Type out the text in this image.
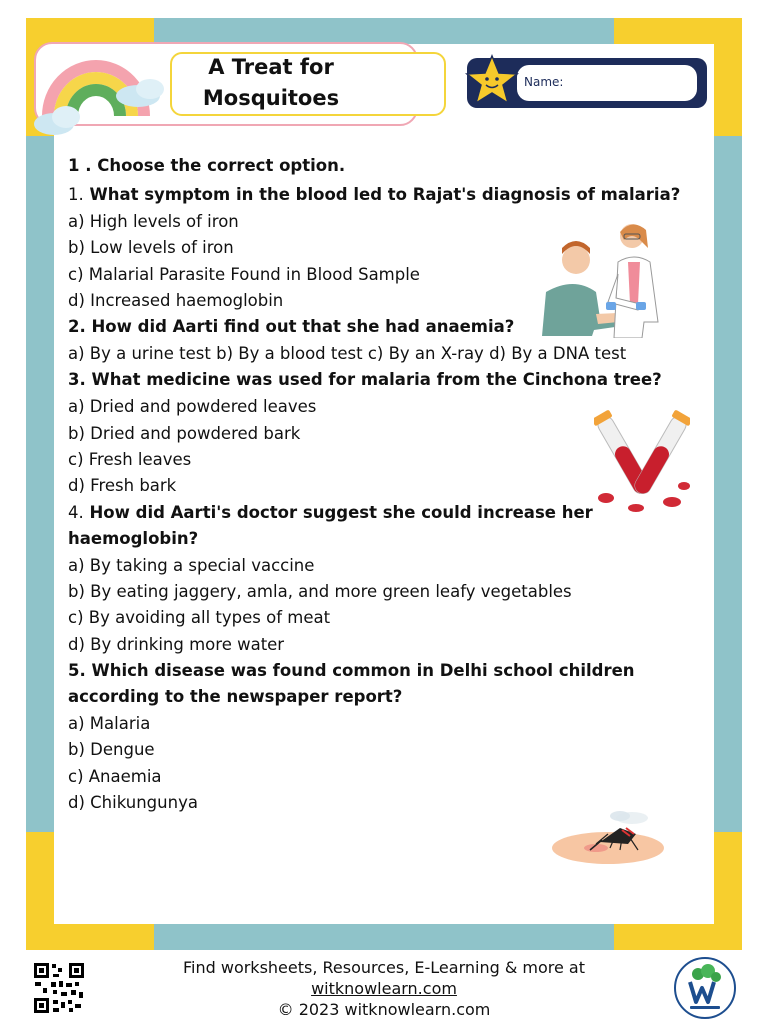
A Treat for
Mosquitoes
Name:
1 . Choose the correct option.
1. What symptom in the blood led to Rajat's diagnosis of malaria?
a) High levels of iron
b) Low levels of iron
c) Malarial Parasite Found in Blood Sample
d) Increased haemoglobin
2. How did Aarti find out that she had anaemia?
a) By a urine test b) By a blood test c) By an X-ray d) By a DNA test
3. What medicine was used for malaria from the Cinchona tree?
a) Dried and powdered leaves
b) Dried and powdered bark
c) Fresh leaves
d) Fresh bark
4. How did Aarti's doctor suggest she could increase her
haemoglobin?
a) By taking a special vaccine
b) By eating jaggery, amla, and more green leafy vegetables
c) By avoiding all types of meat
d) By drinking more water
5. Which disease was found common in Delhi school children
according to the newspaper report?
a) Malaria
b) Dengue
c) Anaemia
d) Chikungunya
Find worksheets, Resources, E-Learning & more at
witknowlearn.com
© 2023 witknowlearn.com
